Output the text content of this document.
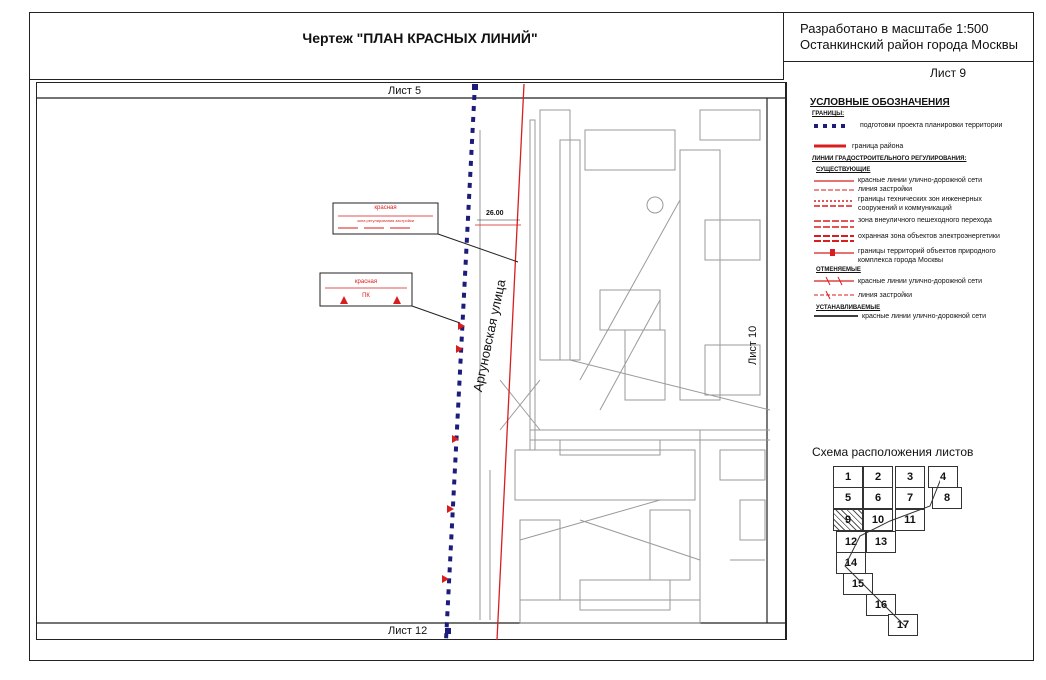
Чертеж "ПЛАН КРАСНЫХ ЛИНИЙ"
Разработано в масштабе 1:500
Останкинский район города Москвы
Лист 9
Лист 5
Лист 12
Лист 10
Аргуновская улица
26.00
красная
зона регулирования застройки
красная
ПК
УСЛОВНЫЕ ОБОЗНАЧЕНИЯ
ГРАНИЦЫ:
подготовки проекта планировки территории
граница района
ЛИНИИ ГРАДОСТРОИТЕЛЬНОГО РЕГУЛИРОВАНИЯ:
СУЩЕСТВУЮЩИЕ
красные линии улично-дорожной сети
линия застройки
границы технических зон инженерных
сооружений и коммуникаций
зона внеуличного пешеходного перехода
охранная зона объектов электроэнергетики
границы территорий объектов природного
комплекса города Москвы
ОТМЕНЯЕМЫЕ
красные линии улично-дорожной сети
линия застройки
УСТАНАВЛИВАЕМЫЕ
красные линии улично-дорожной сети
Схема расположения листов
1	2	3	4
5	6	7	8
9	10	11
12	13
14
15
16
17
